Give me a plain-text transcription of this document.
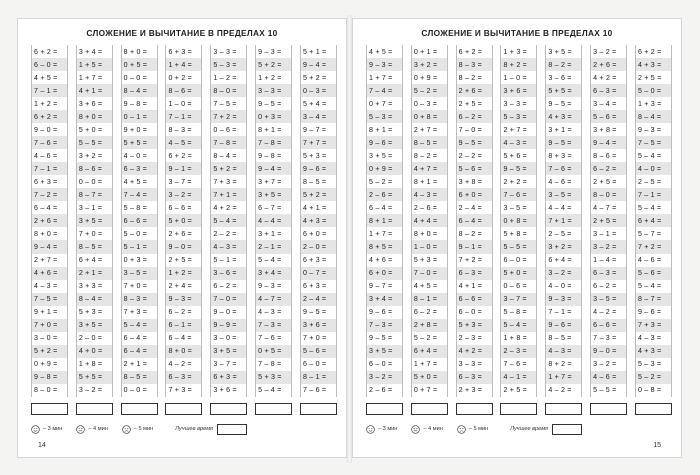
СЛОЖЕНИЕ И ВЫЧИТАНИЕ В ПРЕДЕЛАХ 10
6 + 2 =
6 – 0 =
4 + 5 =
7 – 1 =
1 + 2 =
6 + 2 =
9 – 0 =
7 – 6 =
4 – 6 =
7 – 1 =
6 + 3 =
7 – 2 =
6 – 4 =
2 + 6 =
8 + 0 =
9 – 4 =
2 + 7 =
4 + 6 =
4 – 3 =
7 – 5 =
9 + 1 =
7 + 0 =
3 – 0 =
5 + 2 =
0 + 9 =
9 – 8 =
8 – 0 =
3 + 4 =
1 + 5 =
1 + 7 =
4 + 1 =
3 + 6 =
8 + 0 =
5 + 0 =
5 – 5 =
3 + 2 =
8 – 6 =
0 – 0 =
8 – 7 =
3 – 1 =
3 + 5 =
7 + 0 =
8 – 5 =
6 + 4 =
2 + 1 =
3 + 3 =
8 – 4 =
5 + 3 =
3 + 5 =
2 – 0 =
4 + 0 =
1 + 8 =
5 + 5 =
3 – 2 =
8 + 0 =
0 + 5 =
0 – 0 =
8 – 4 =
9 – 8 =
0 – 1 =
9 + 0 =
5 + 5 =
4 – 0 =
6 – 3 =
4 + 5 =
7 – 4 =
5 – 8 =
6 – 6 =
5 – 0 =
5 – 1 =
0 + 3 =
3 – 5 =
7 + 0 =
8 – 3 =
7 + 3 =
5 – 4 =
6 – 4 =
6 – 4 =
2 + 1 =
8 – 5 =
0 – 0 =
6 + 3 =
1 + 4 =
0 + 2 =
8 – 6 =
1 – 0 =
7 – 1 =
8 – 3 =
4 – 5 =
6 + 2 =
9 – 1 =
3 – 7 =
3 – 2 =
6 – 6 =
5 + 0 =
2 + 6 =
9 – 0 =
2 + 5 =
1 + 2 =
2 + 4 =
9 – 3 =
6 – 2 =
6 – 1 =
6 – 4 =
8 + 0 =
4 – 2 =
6 – 3 =
7 + 3 =
3 – 3 =
5 – 3 =
1 – 2 =
8 – 0 =
7 – 5 =
7 + 2 =
0 – 6 =
7 – 8 =
8 – 4 =
5 + 2 =
7 + 3 =
7 + 1 =
4 + 2 =
5 – 4 =
2 – 2 =
4 – 3 =
5 – 1 =
3 – 6 =
6 – 2 =
7 – 0 =
9 – 0 =
9 – 9 =
3 – 0 =
3 + 5 =
3 – 7 =
6 + 3 =
3 + 6 =
9 – 3 =
5 + 2 =
1 + 2 =
3 – 3 =
9 – 5 =
0 + 3 =
8 + 1 =
7 – 8 =
9 – 8 =
9 – 4 =
3 + 7 =
3 + 5 =
6 – 7 =
4 – 4 =
3 + 1 =
2 – 1 =
5 – 4 =
3 + 4 =
9 – 3 =
4 – 7 =
4 – 3 =
7 – 3 =
7 – 6 =
0 + 5 =
7 – 8 =
5 + 3 =
5 – 4 =
5 + 1 =
9 – 4 =
5 + 2 =
0 – 3 =
5 + 4 =
3 – 4 =
9 – 7 =
7 + 7 =
5 + 3 =
9 – 6 =
8 – 5 =
5 + 2 =
4 + 1 =
4 + 3 =
6 + 0 =
2 – 0 =
6 + 3 =
0 – 7 =
6 + 3 =
2 – 4 =
9 – 5 =
3 + 6 =
7 + 0 =
5 – 6 =
6 – 0 =
8 – 1 =
7 – 6 =
– 3 мин	– 4 мин	– 5 мин	Лучшее время
14
СЛОЖЕНИЕ И ВЫЧИТАНИЕ В ПРЕДЕЛАХ 10
4 + 5 =
9 – 3 =
1 + 7 =
7 – 4 =
0 + 7 =
5 – 3 =
8 + 1 =
9 – 6 =
3 + 5 =
0 + 9 =
5 – 2 =
2 – 6 =
6 – 4 =
8 + 1 =
1 + 7 =
8 + 5 =
4 + 6 =
6 + 0 =
9 – 7 =
3 + 4 =
9 – 6 =
7 – 3 =
9 – 5 =
3 + 5 =
6 – 0 =
3 – 2 =
2 – 6 =
0 + 1 =
3 + 2 =
0 + 9 =
5 – 2 =
0 – 3 =
0 + 8 =
2 + 7 =
8 – 5 =
8 – 2 =
4 + 7 =
8 + 1 =
4 – 3 =
2 – 6 =
4 + 4 =
8 + 0 =
1 – 0 =
5 + 3 =
7 – 0 =
4 + 5 =
8 – 1 =
6 – 2 =
2 + 8 =
5 – 2 =
6 + 4 =
1 + 7 =
5 + 0 =
0 + 7 =
6 + 2 =
8 – 3 =
8 – 2 =
2 + 6 =
2 + 5 =
6 – 2 =
7 – 0 =
9 – 5 =
2 – 2 =
5 – 6 =
3 + 8 =
6 + 0 =
2 – 4 =
6 – 4 =
8 – 2 =
9 – 1 =
7 + 2 =
6 – 3 =
4 + 1 =
6 – 6 =
6 – 0 =
5 + 3 =
2 – 3 =
4 + 2 =
3 – 3 =
6 – 3 =
2 + 3 =
1 + 3 =
8 + 2 =
1 – 0 =
3 + 6 =
3 – 3 =
5 – 3 =
2 + 7 =
4 – 3 =
5 + 6 =
9 – 5 =
2 + 2 =
7 – 6 =
3 – 5 =
0 + 8 =
5 + 8 =
5 – 5 =
6 – 0 =
5 + 0 =
0 – 6 =
3 – 7 =
5 – 8 =
5 – 4 =
1 + 8 =
2 – 3 =
7 – 6 =
4 – 1 =
2 + 5 =
3 + 5 =
8 – 2 =
3 – 6 =
5 + 5 =
9 – 5 =
4 + 3 =
3 + 1 =
9 – 5 =
8 + 3 =
7 – 6 =
4 – 6 =
3 – 5 =
4 – 4 =
7 + 1 =
2 – 5 =
3 + 2 =
6 + 4 =
3 – 2 =
4 – 0 =
9 – 3 =
7 – 1 =
9 – 6 =
8 – 5 =
4 – 3 =
8 + 2 =
1 + 7 =
4 – 2 =
3 – 2 =
2 + 6 =
4 + 2 =
6 – 3 =
3 – 4 =
5 – 6 =
3 + 8 =
9 – 4 =
8 – 6 =
6 – 2 =
2 + 5 =
8 – 0 =
4 – 7 =
2 + 5 =
3 – 1 =
3 – 2 =
1 – 4 =
6 – 3 =
6 – 2 =
3 – 5 =
4 – 2 =
6 – 6 =
7 – 3 =
9 – 0 =
3 – 2 =
4 – 6 =
5 – 5 =
6 + 2 =
4 + 3 =
2 + 5 =
5 – 0 =
1 + 3 =
8 – 4 =
9 – 3 =
7 – 5 =
5 – 4 =
4 – 0 =
2 – 5 =
7 – 1 =
5 – 4 =
6 + 4 =
5 – 7 =
7 + 2 =
4 – 6 =
5 – 6 =
5 – 4 =
8 – 7 =
9 – 6 =
7 + 3 =
4 – 3 =
4 + 3 =
5 – 3 =
5 – 2 =
0 – 8 =
– 3 мин	– 4 мин	– 5 мин	Лучшее время
15
